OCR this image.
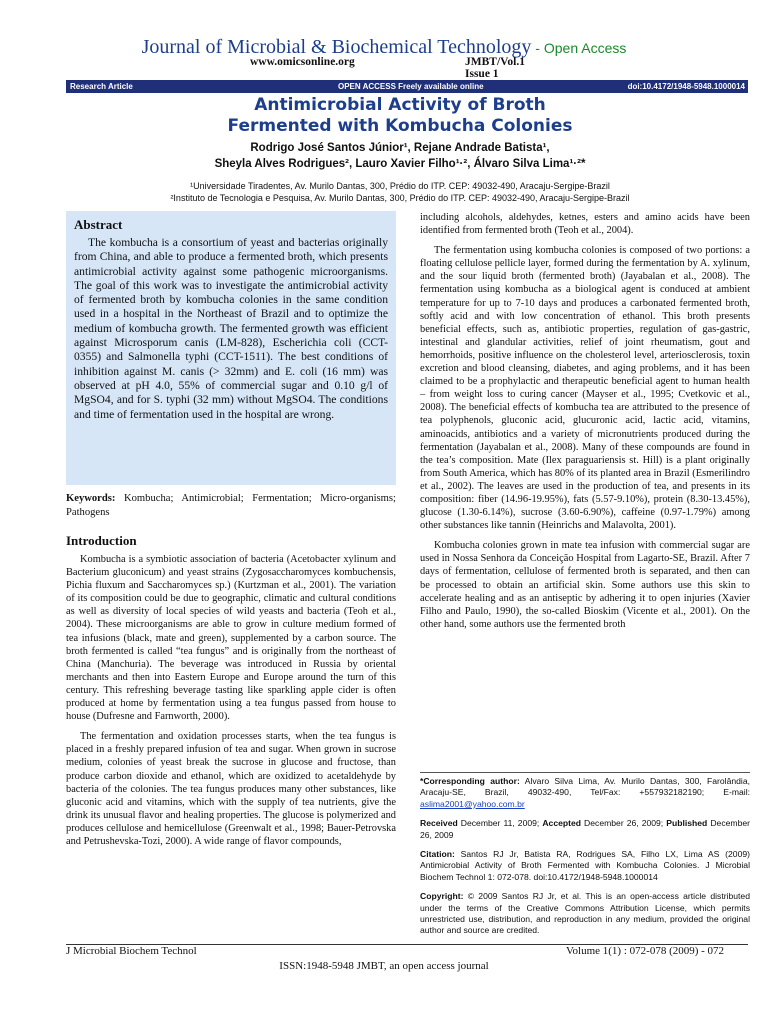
Journal of Microbial & Biochemical Technology - Open Access
www.omicsonline.org	JMBT/Vol.1 Issue 1
Research Article	OPEN ACCESS Freely available online	doi:10.4172/1948-5948.1000014
Antimicrobial Activity of Broth
Fermented with Kombucha Colonies
Rodrigo José Santos Júnior¹, Rejane Andrade Batista¹,
Sheyla Alves Rodrigues², Lauro Xavier Filho¹·², Álvaro Silva Lima¹·²*
¹Universidade Tiradentes, Av. Murilo Dantas, 300, Prédio do ITP. CEP: 49032-490, Aracaju-Sergipe-Brazil
²Instituto de Tecnologia e Pesquisa, Av. Murilo Dantas, 300, Prédio do ITP. CEP: 49032-490, Aracaju-Sergipe-Brazil
Abstract

The kombucha is a consortium of yeast and bacterias originally from China, and able to produce a fermented broth, which presents antimicrobial activity against some pathogenic microorganisms. The goal of this work was to investigate the antimicrobial activity of fermented broth by kombucha colonies in the same condition used in a hospital in the Northeast of Brazil and to optimize the medium of kombucha growth. The fermented growth was efficient against Microsporum canis (LM-828), Escherichia coli (CCT-0355) and Salmonella typhi (CCT-1511). The best conditions of inhibition against M. canis (> 32mm) and E. coli (16 mm) was observed at pH 4.0, 55% of commercial sugar and 0.10 g/l of MgSO4, and for S. typhi (32 mm) without MgSO4. The conditions and time of fermentation used in the hospital are wrong.

Keywords: Kombucha; Antimicrobial; Fermentation; Micro-organisms; Pathogens
Introduction

Kombucha is a symbiotic association of bacteria (Acetobacter xylinum and Bacterium gluconicum) and yeast strains (Zygosaccharomyces kombuchensis, Pichia fluxum and Saccharomyces sp.) (Kurtzman et al., 2001). The variation of its composition could be due to geographic, climatic and cultural conditions as well as diversity of local species of wild yeasts and bacteria (Teoh et al., 2004). These microorganisms are able to grow in culture medium formed of tea infusions (black, mate and green), supplemented by a carbon source. The broth fermented is called “tea fungus” and is originally from the northeast of China (Manchuria). The beverage was introduced in Russia by oriental merchants and then into Eastern Europe and Europe around the turn of this century. This refreshing beverage tasting like sparkling apple cider is often produced at home by fermentation using a tea fungus passed from house to house (Dufresne and Farnworth, 2000).

The fermentation and oxidation processes starts, when the tea fungus is placed in a freshly prepared infusion of tea and sugar. When grown in sucrose medium, colonies of yeast break the sucrose in glucose and fructose, than produce carbon dioxide and ethanol, which are oxidized to acetaldehyde by bacteria of the colonies. The tea fungus produces many other substances, like gluconic acid and vitamins, which with the supply of tea nutrients, give the drink its unusual flavor and healing properties. The glucose is polymerized and produces cellulose and hemicellulose (Greenwalt et al., 1998; Bauer-Petrovska and Petrushevska-Tozi, 2000). A wide range of flavor compounds,

including alcohols, aldehydes, ketnes, esters and amino acids have been identified from fermented broth (Teoh et al., 2004).

The fermentation using kombucha colonies is composed of two portions: a floating cellulose pellicle layer, formed during the fermentation by A. xylinum, and the sour liquid broth (fermented broth) (Jayabalan et al., 2008). The fermentation using kombucha as a biological agent is conduced at ambient temperature for up to 7-10 days and produces a carbonated fermented broth, softly acid and with low concentration of ethanol. This broth presents beneficial effects, such as, antibiotic properties, regulation of gas-gastric, intestinal and glandular activities, relief of joint rheumatism, gout and hemorrhoids, positive influence on the cholesterol level, arteriosclerosis, toxin excretion and blood cleansing, diabetes, and aging problems, and it has been claimed to be a prophylactic and therapeutic beneficial agent to human health – from weight loss to curing cancer (Mayser et al., 1995; Cvetkovic et al., 2008). The beneficial effects of kombucha tea are attributed to the presence of tea polyphenols, gluconic acid, glucuronic acid, lactic acid, vitamins, aminoacids, antibiotics and a variety of micronutrients produced during the fermentation (Jayabalan et al., 2008). Many of these compounds are found in the tea’s composition. Mate (Ilex paraguariensis st. Hill) is a plant originally from South America, which has 80% of its planted area in Brazil (Esmerilindro et al., 2002). The leaves are used in the production of tea, and presents in its composition: fiber (14.96-19.95%), fats (5.57-9.10%), protein (8.30-13.45%), glucose (1.30-6.14%), sucrose (3.60-6.90%), caffeine (0.97-1.79%) among other substances like tannin (Heinrichs and Malavolta, 2001).

Kombucha colonies grown in mate tea infusion with commercial sugar are used in Nossa Senhora da Conceição Hospital from Lagarto-SE, Brazil. After 7 days of fermentation, cellulose of fermented broth is separated, and then can be processed to obtain an artificial skin. Some authors use this skin to accelerate healing and as an antiseptic by adhering it to open injuries (Xavier Filho and Paulo, 1990), the so-called Bioskim (Vicente et al., 2001). On the other hand, some authors use the fermented broth

*Corresponding author: Alvaro Silva Lima, Av. Murilo Dantas, 300, Farolândia, Aracaju-SE, Brazil, 49032-490, Tel/Fax: +557932182190; E-mail: aslima2001@yahoo.com.br

Received December 11, 2009; Accepted December 26, 2009; Published December 26, 2009

Citation: Santos RJ Jr, Batista RA, Rodrigues SA, Filho LX, Lima AS (2009) Antimicrobial Activity of Broth Fermented with Kombucha Colonies. J Microbial Biochem Technol 1: 072-078. doi:10.4172/1948-5948.1000014

Copyright: © 2009 Santos RJ Jr, et al. This is an open-access article distributed under the terms of the Creative Commons Attribution License, which permits unrestricted use, distribution, and reproduction in any medium, provided the original author and source are credited.

J Microbial Biochem Technol	Volume 1(1) : 072-078 (2009) - 072
ISSN:1948-5948 JMBT, an open access journal
